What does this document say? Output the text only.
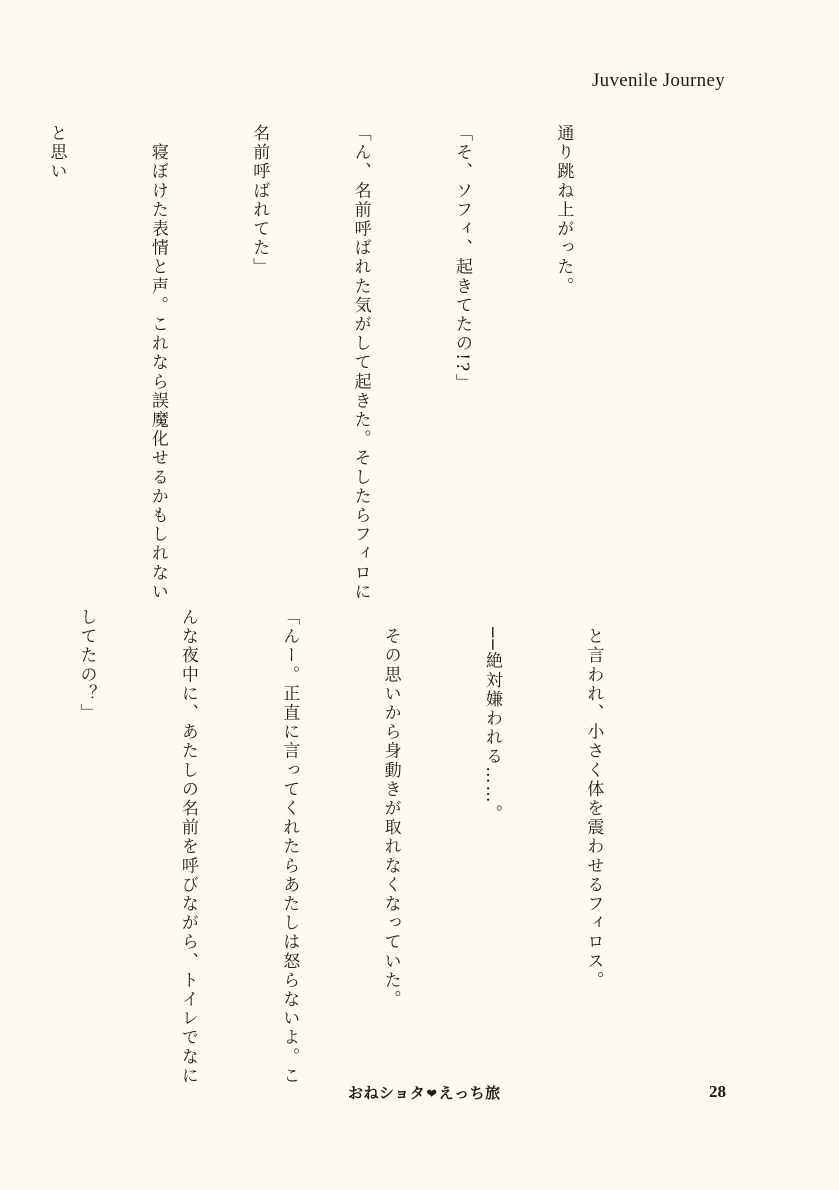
Juvenile Journey

通り跳ね上がった。

「そ、ソフィ、起きてたの!?」

「ん、名前呼ばれた気がして起きた。そしたらフィロに

名前呼ばれてた」

　寝ぼけた表情と声。これなら誤魔化せるかもしれない

と思い

　と言われ、小さく体を震わせるフィロス。

　──絶対嫌われる……。

　その思いから身動きが取れなくなっていた。

「んー。正直に言ってくれたらあたしは怒らないよ。こ

んな夜中に、あたしの名前を呼びながら、トイレでなに

してたの？」

おねショタ❤えっち旅	28
